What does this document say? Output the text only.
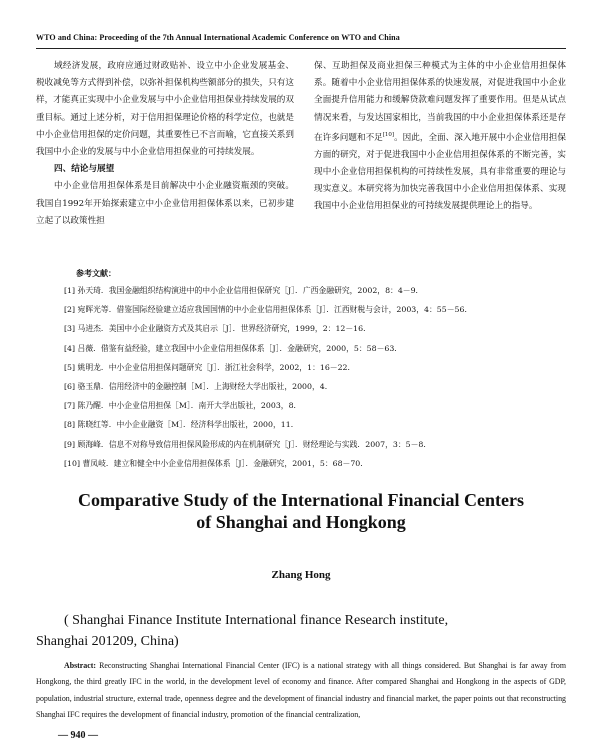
WTO and China: Proceeding of the 7th Annual International Academic Conference on WTO and China

域经济发展，政府应通过财政贴补、设立中小企业发展基金、税收减免等方式得到补偿，以弥补担保机构些额部分的损失，只有这样，才能真正实现中小企业发展与中小企业信用担保业持续发展的双重目标。通过上述分析，对于信用担保理论价格的科学定位，也就是中小企业信用担保的定价问题，其重要性已不言而喻，它直接关系到我国中小企业的发展与中小企业信用担保业的可持续发展。

四、结论与展望

中小企业信用担保体系是目前解决中小企业融资瓶颈的突破。我国自1992年开始探索建立中小企业信用担保体系以来，已初步建立起了以政策性担

保、互助担保及商业担保三种模式为主体的中小企业信用担保体系。随着中小企业信用担保体系的快速发展，对促进我国中小企业全面提升信用能力和缓解贷款难问题发挥了重要作用。但是从试点情况来看，与发达国家相比，当前我国的中小企业担保体系还是存在许多问题和不足[10]。因此，全面、深入地开展中小企业信用担保方面的研究，对于促进我国中小企业信用担保体系的不断完善，实现中小企业信用担保机构的可持续性发展，具有非常重要的理论与现实意义。本研究将为加快完善我国中小企业信用担保体系、实现我国中小企业信用担保业的可持续发展提供理论上的指导。

参考文献：
[1] 孙天琦．我国金融组织结构演进中的中小企业信用担保研究［J］．广西金融研究，2002，8：4－9．
[2] 宛晖光等．借鉴国际经验建立适应我国国情的中小企业信用担保体系［J］．江西财税与会计，2003，4：55－56．
[3] 马进杰．美国中小企业融资方式及其启示［J］．世界经济研究，1999，2：12－16．
[4] 吕薇．借鉴有益经验，建立我国中小企业信用担保体系［J］．金融研究，2000，5：58－63．
[5] 姚明龙．中小企业信用担保问题研究［J］．浙江社会科学，2002，1：16－22．
[6] 骆玉鼎．信用经济中的金融控制［M］．上海财经大学出版社，2000，4．
[7] 陈乃醒．中小企业信用担保［M］．南开大学出版社，2003，8．
[8] 陈晓红等．中小企业融资［M］．经济科学出版社，2000，11．
[9] 顾海峰．信息不对称导致信用担保风险形成的内在机制研究［J］．财经理论与实践．2007，3：5－8．
[10] 曹凤岐．建立和健全中小企业信用担保体系［J］．金融研究，2001，5：68－70．
Comparative Study of the International Financial Centers
of Shanghai and Hongkong
Zhang Hong
( Shanghai Finance Institute International finance Research institute,
Shanghai 201209, China)

Abstract: Reconstructing Shanghai International Financial Center (IFC) is a national strategy with all things considered. But Shanghai is far away from Hongkong, the third greatly IFC in the world, in the development level of economy and finance. After compared Shanghai and Hongkong in the aspects of GDP, population, industrial structure, external trade, openness degree and the development of financial industry and financial market, the paper points out that reconstructing Shanghai IFC requires the development of financial industry, promotion of the financial centralization,

— 940 —
